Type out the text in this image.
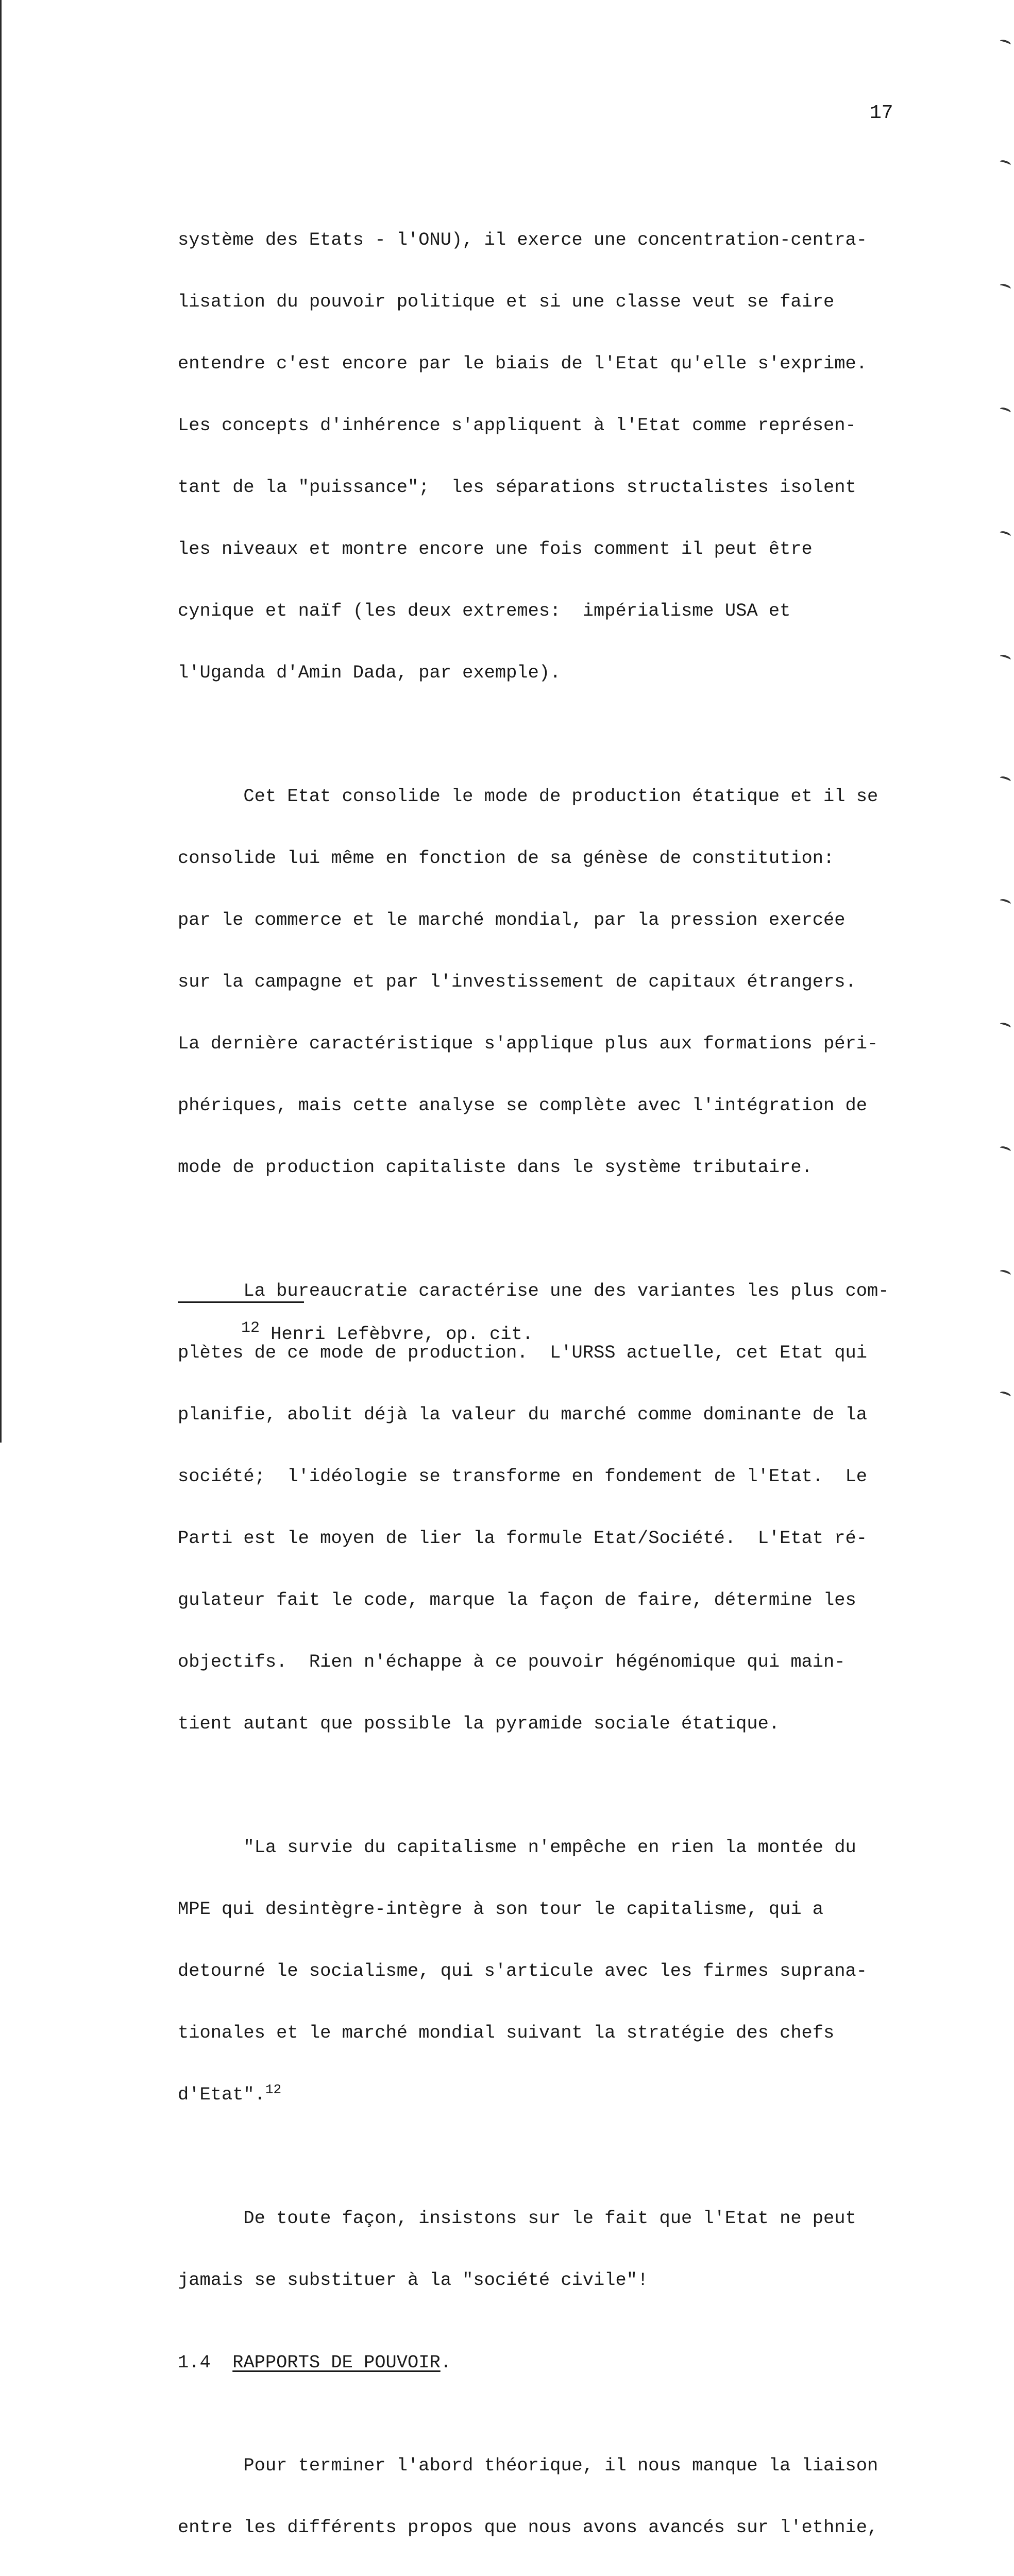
17

système des Etats - l'ONU), il exerce une concentration-centra-

lisation du pouvoir politique et si une classe veut se faire

entendre c'est encore par le biais de l'Etat qu'elle s'exprime.

Les concepts d'inhérence s'appliquent à l'Etat comme représen-

tant de la "puissance";  les séparations structalistes isolent

les niveaux et montre encore une fois comment il peut être

cynique et naïf (les deux extremes:  impérialisme USA et

l'Uganda d'Amin Dada, par exemple).

Cet Etat consolide le mode de production étatique et il se

consolide lui même en fonction de sa génèse de constitution:

par le commerce et le marché mondial, par la pression exercée

sur la campagne et par l'investissement de capitaux étrangers.

La dernière caractéristique s'applique plus aux formations péri-

phériques, mais cette analyse se complète avec l'intégration de

mode de production capitaliste dans le système tributaire.

La bureaucratie caractérise une des variantes les plus com-

plètes de ce mode de production.  L'URSS actuelle, cet Etat qui

planifie, abolit déjà la valeur du marché comme dominante de la

société;  l'idéologie se transforme en fondement de l'Etat.  Le

Parti est le moyen de lier la formule Etat/Société.  L'Etat ré-

gulateur fait le code, marque la façon de faire, détermine les

objectifs.  Rien n'échappe à ce pouvoir hégénomique qui main-

tient autant que possible la pyramide sociale étatique.

"La survie du capitalisme n'empêche en rien la montée du

MPE qui desintègre-intègre à son tour le capitalisme, qui a

detourné le socialisme, qui s'articule avec les firmes suprana-

tionales et le marché mondial suivant la stratégie des chefs

d'Etat".$^{12}$

De toute façon, insistons sur le fait que l'Etat ne peut

jamais se substituer à la "société civile"!

1.4 RAPPORTS DE POUVOIR.

Pour terminer l'abord théorique, il nous manque la liaison

entre les différents propos que nous avons avancés sur l'ethnie,

$^{12}$ Henri Lefèbvre, op. cit.
